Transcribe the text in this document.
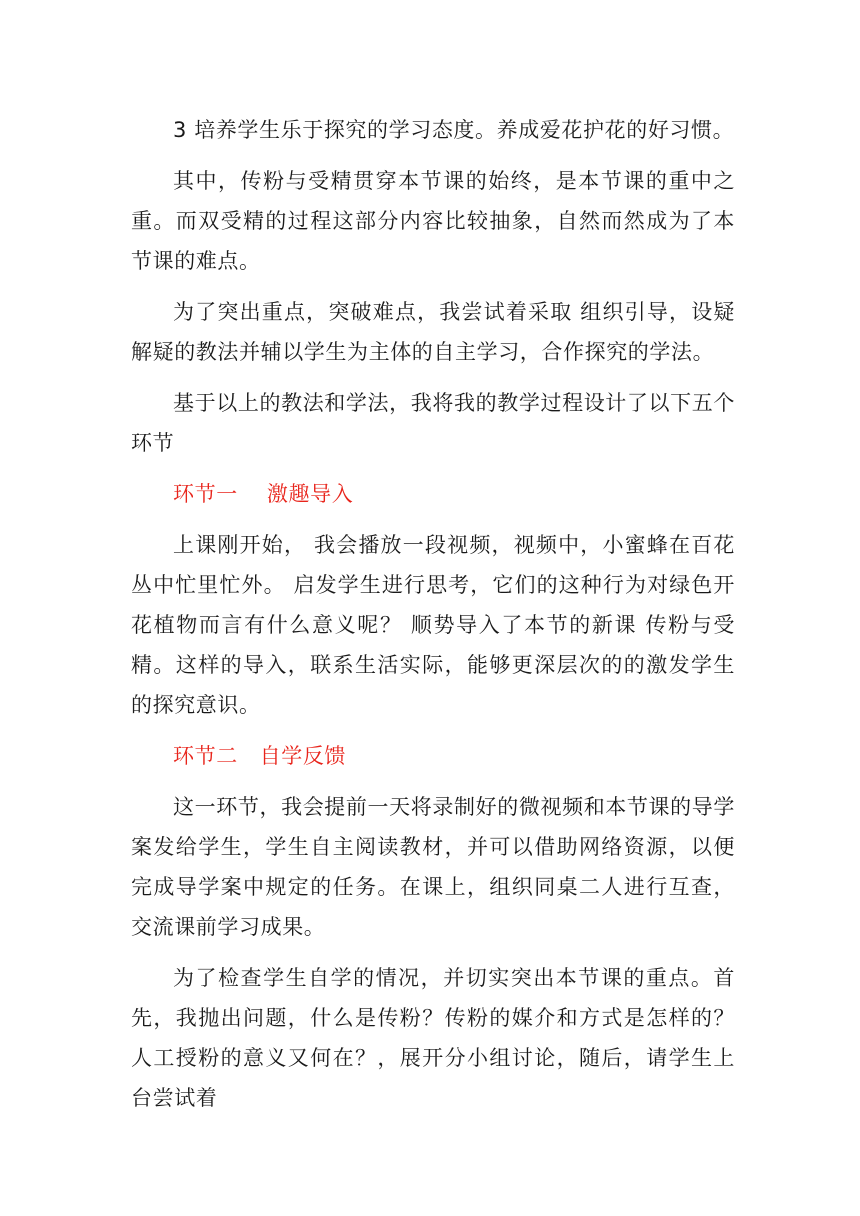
3 培养学生乐于探究的学习态度。养成爱花护花的好习惯。

其中，传粉与受精贯穿本节课的始终，是本节课的重中之重。而双受精的过程这部分内容比较抽象，自然而然成为了本节课的难点。

为了突出重点，突破难点，我尝试着采取 组织引导，设疑解疑的教法并辅以学生为主体的自主学习，合作探究的学法。

基于以上的教法和学法，我将我的教学过程设计了以下五个环节

环节一    激趣导入

上课刚开始， 我会播放一段视频，视频中，小蜜蜂在百花丛中忙里忙外。 启发学生进行思考，它们的这种行为对绿色开花植物而言有什么意义呢？ 顺势导入了本节的新课 传粉与受精。这样的导入，联系生活实际，能够更深层次的的激发学生的探究意识。

环节二   自学反馈

这一环节，我会提前一天将录制好的微视频和本节课的导学案发给学生，学生自主阅读教材，并可以借助网络资源，以便完成导学案中规定的任务。在课上，组织同桌二人进行互查，交流课前学习成果。

为了检查学生自学的情况，并切实突出本节课的重点。首先，我抛出问题，什么是传粉？传粉的媒介和方式是怎样的？人工授粉的意义又何在？，展开分小组讨论，随后，请学生上台尝试着
